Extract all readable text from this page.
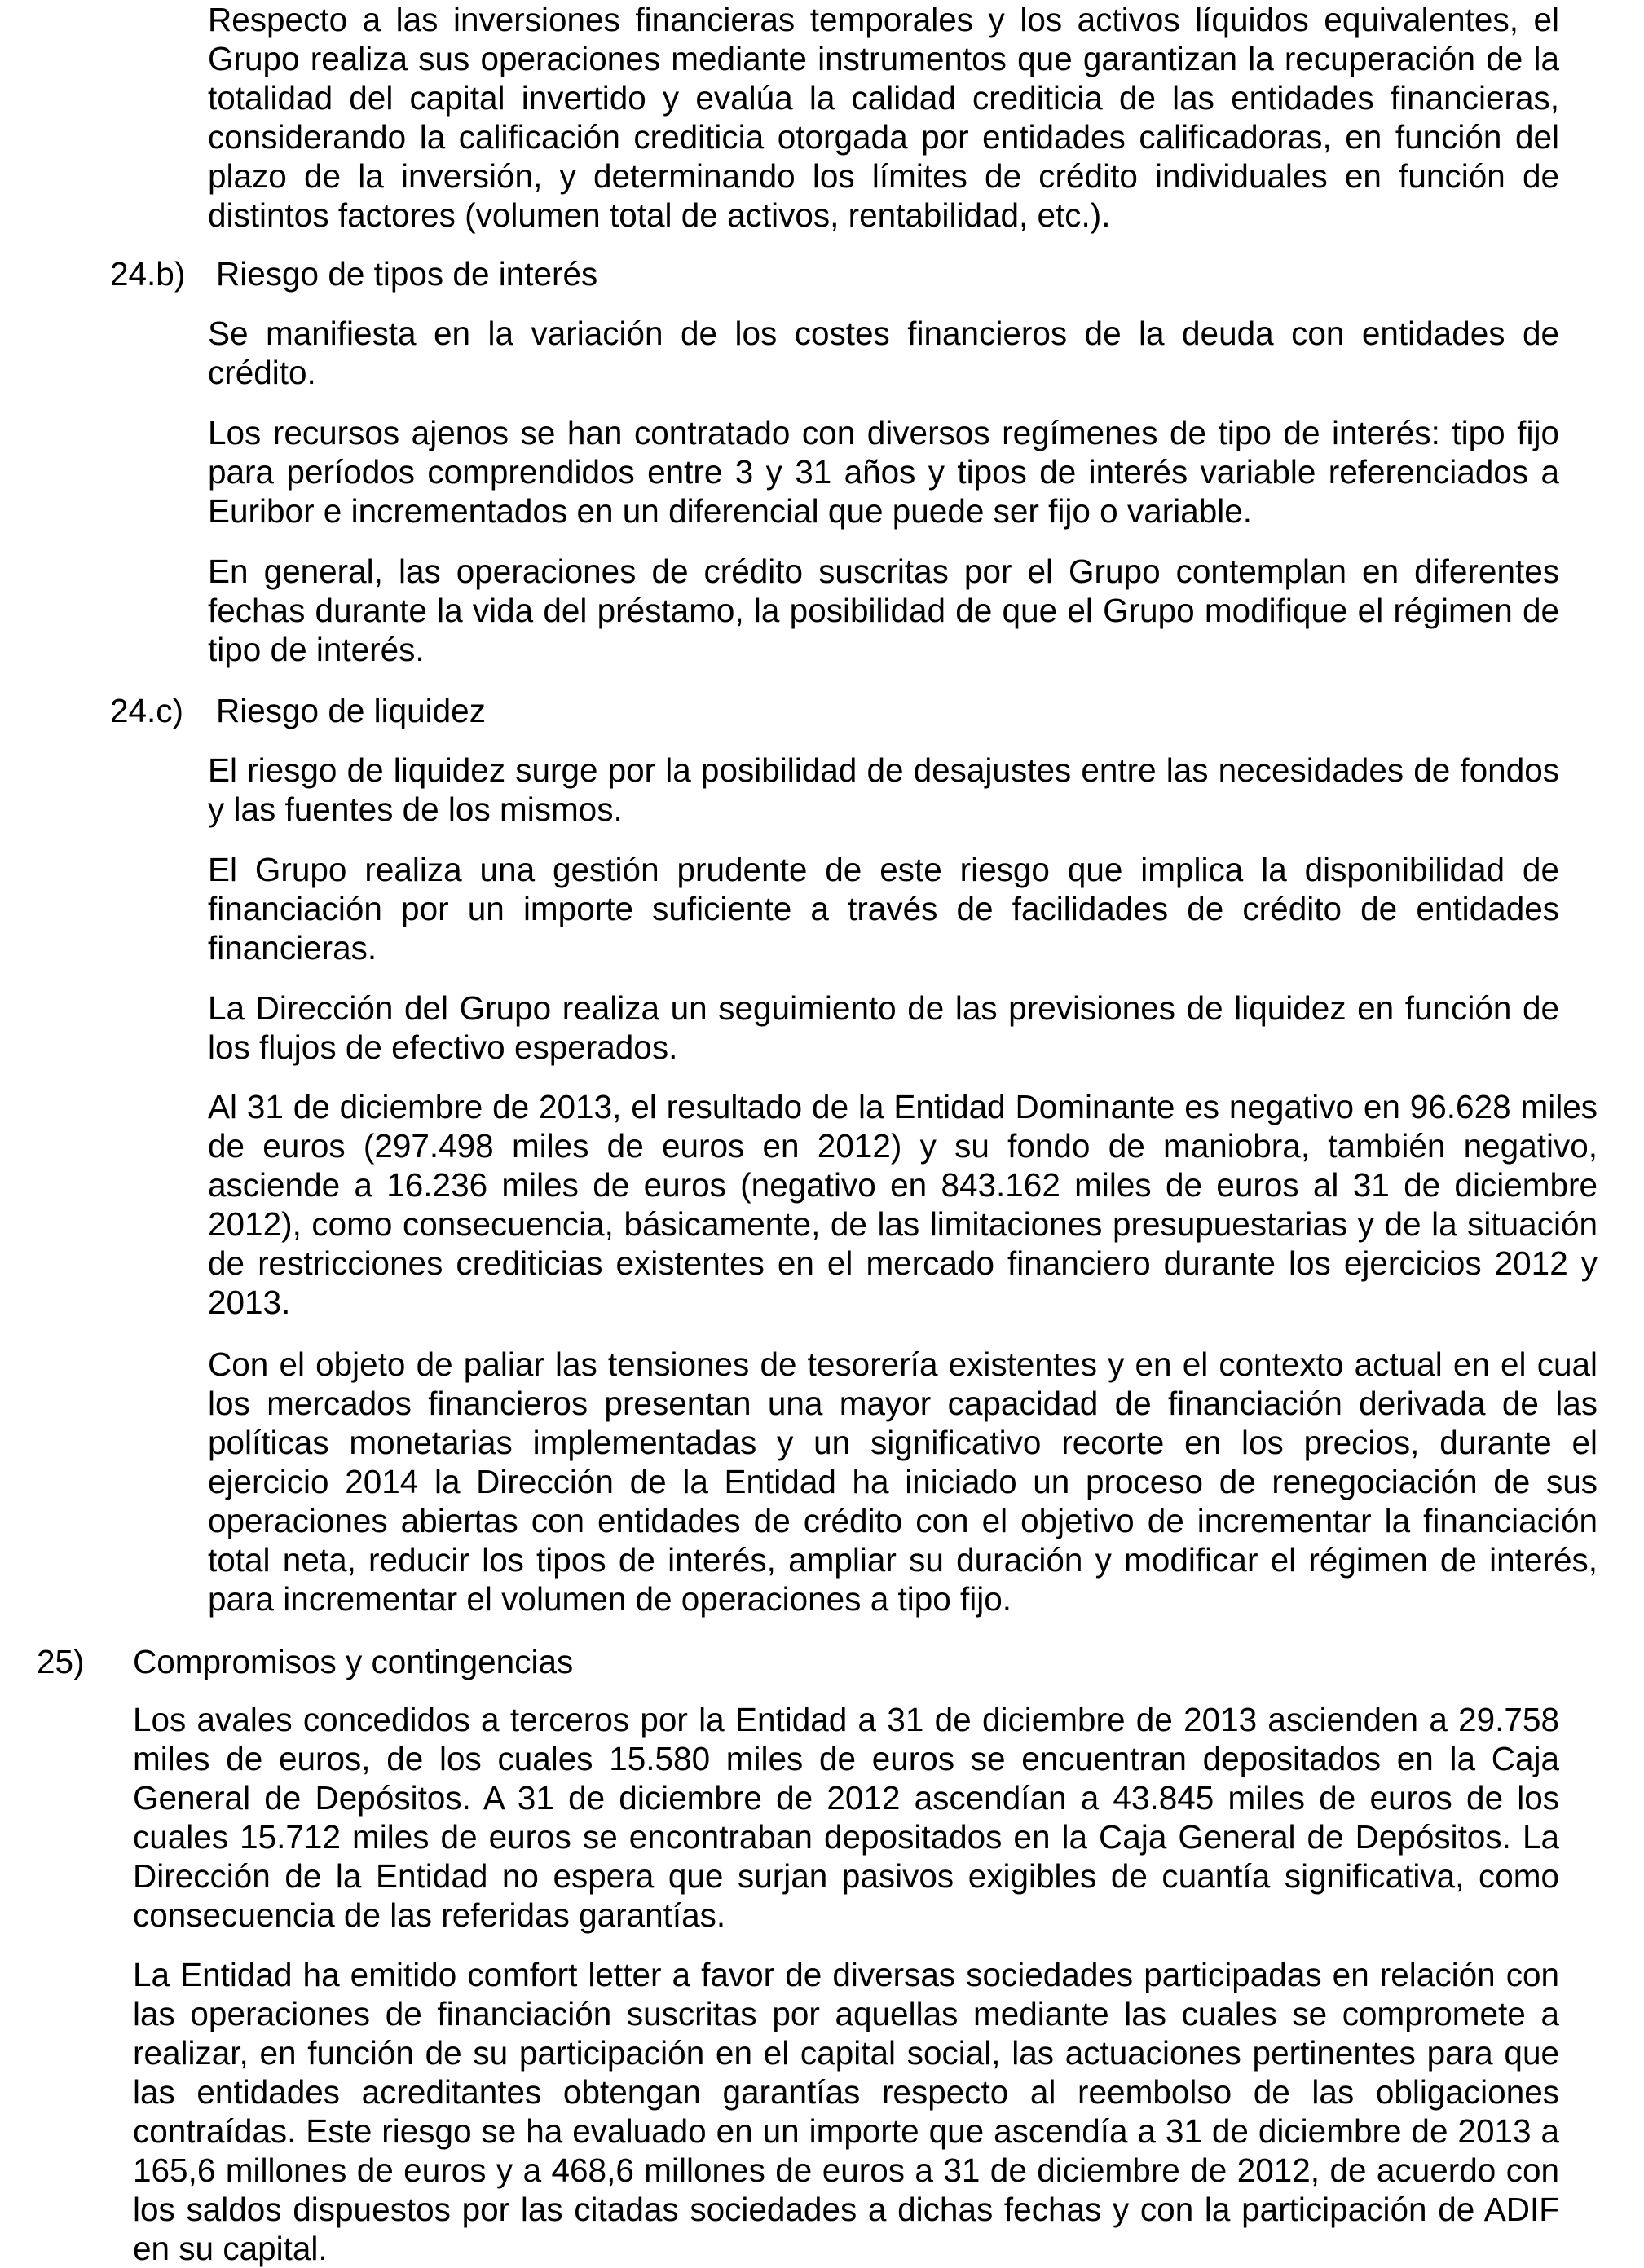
Respecto a las inversiones financieras temporales y los activos líquidos equivalentes, el Grupo realiza sus operaciones mediante instrumentos que garantizan la recuperación de la totalidad del capital invertido y evalúa la calidad crediticia de las entidades financieras, considerando la calificación crediticia otorgada por entidades calificadoras, en función del plazo de la inversión, y determinando los límites de crédito individuales en función de distintos factores (volumen total de activos, rentabilidad, etc.).

24.b) Riesgo de tipos de interés

Se manifiesta en la variación de los costes financieros de la deuda con entidades de crédito.

Los recursos ajenos se han contratado con diversos regímenes de tipo de interés: tipo fijo para períodos comprendidos entre 3 y 31 años y tipos de interés variable referenciados a Euribor e incrementados en un diferencial que puede ser fijo o variable.

En general, las operaciones de crédito suscritas por el Grupo contemplan en diferentes fechas durante la vida del préstamo, la posibilidad de que el Grupo modifique el régimen de tipo de interés.

24.c) Riesgo de liquidez

El riesgo de liquidez surge por la posibilidad de desajustes entre las necesidades de fondos y las fuentes de los mismos.

El Grupo realiza una gestión prudente de este riesgo que implica la disponibilidad de financiación por un importe suficiente a través de facilidades de crédito de entidades financieras.

La Dirección del Grupo realiza un seguimiento de las previsiones de liquidez en función de los flujos de efectivo esperados.

Al 31 de diciembre de 2013, el resultado de la Entidad Dominante es negativo en 96.628 miles de euros (297.498 miles de euros en 2012) y su fondo de maniobra, también negativo, asciende a 16.236 miles de euros (negativo en 843.162 miles de euros al 31 de diciembre 2012), como consecuencia, básicamente, de las limitaciones presupuestarias y de la situación de restricciones crediticias existentes en el mercado financiero durante los ejercicios 2012 y 2013.

Con el objeto de paliar las tensiones de tesorería existentes y en el contexto actual en el cual los mercados financieros presentan una mayor capacidad de financiación derivada de las políticas monetarias implementadas y un significativo recorte en los precios, durante el ejercicio 2014 la Dirección de la Entidad ha iniciado un proceso de renegociación de sus operaciones abiertas con entidades de crédito con el objetivo de incrementar la financiación total neta, reducir los tipos de interés, ampliar su duración y modificar el régimen de interés, para incrementar el volumen de operaciones a tipo fijo.

25) Compromisos y contingencias

Los avales concedidos a terceros por la Entidad a 31 de diciembre de 2013 ascienden a 29.758 miles de euros, de los cuales 15.580 miles de euros se encuentran depositados en la Caja General de Depósitos. A 31 de diciembre de 2012 ascendían a 43.845 miles de euros de los cuales 15.712 miles de euros se encontraban depositados en la Caja General de Depósitos. La Dirección de la Entidad no espera que surjan pasivos exigibles de cuantía significativa, como consecuencia de las referidas garantías.

La Entidad ha emitido comfort letter a favor de diversas sociedades participadas en relación con las operaciones de financiación suscritas por aquellas mediante las cuales se compromete a realizar, en función de su participación en el capital social, las actuaciones pertinentes para que las entidades acreditantes obtengan garantías respecto al reembolso de las obligaciones contraídas. Este riesgo se ha evaluado en un importe que ascendía a 31 de diciembre de 2013 a 165,6 millones de euros y a 468,6 millones de euros a 31 de diciembre de 2012, de acuerdo con los saldos dispuestos por las citadas sociedades a dichas fechas y con la participación de ADIF en su capital.
